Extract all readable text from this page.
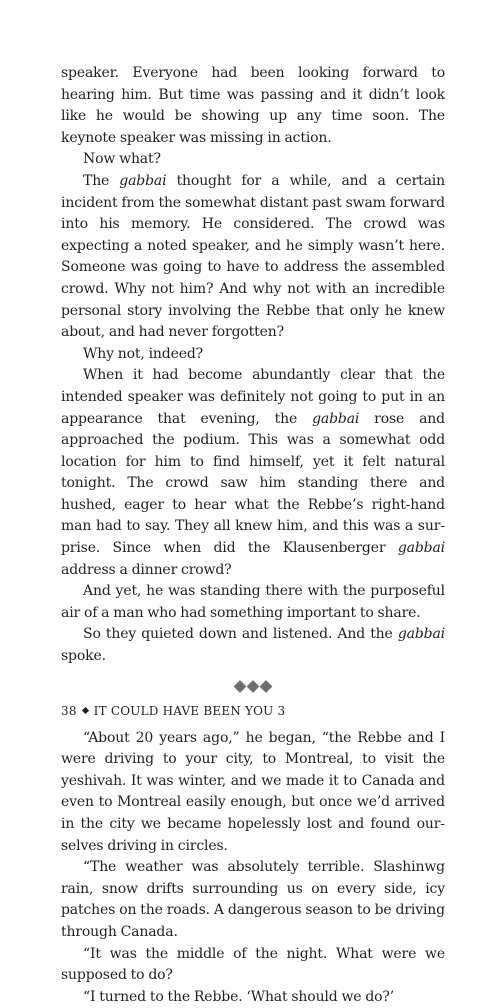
speaker. Everyone had been looking forward to hearing him. But time was passing and it didn’t look like he would be showing up any time soon. The keynote speaker was missing in action.

Now what?

The gabbai thought for a while, and a certain incident from the somewhat distant past swam forward into his memory. He considered. The crowd was expecting a noted speaker, and he simply wasn’t here. Someone was going to have to address the assembled crowd. Why not him? And why not with an incredible personal story involving the Rebbe that only he knew about, and had never forgotten?

Why not, indeed?

When it had become abundantly clear that the intended speaker was definitely not going to put in an appearance that evening, the gabbai rose and approached the podium. This was a somewhat odd location for him to find himself, yet it felt natural tonight. The crowd saw him standing there and hushed, eager to hear what the Rebbe’s right-hand man had to say. They all knew him, and this was a surprise. Since when did the Klausenberger gabbai address a dinner crowd?

And yet, he was standing there with the purposeful air of a man who had something important to share.

So they quieted down and listened. And the gabbai spoke.

“About 20 years ago,” he began, “the Rebbe and I were driving to your city, to Montreal, to visit the yeshivah. It was winter, and we made it to Canada and even to Montreal easily enough, but once we’d arrived in the city we became hopelessly lost and found ourselves driving in circles.

“The weather was absolutely terrible. Slashinwg rain, snow drifts surrounding us on every side, icy patches on the roads. A dangerous season to be driving through Canada.

“It was the middle of the night. What were we supposed to do?

“I turned to the Rebbe. ‘What should we do?’

38 IT COULD HAVE BEEN YOU 3
